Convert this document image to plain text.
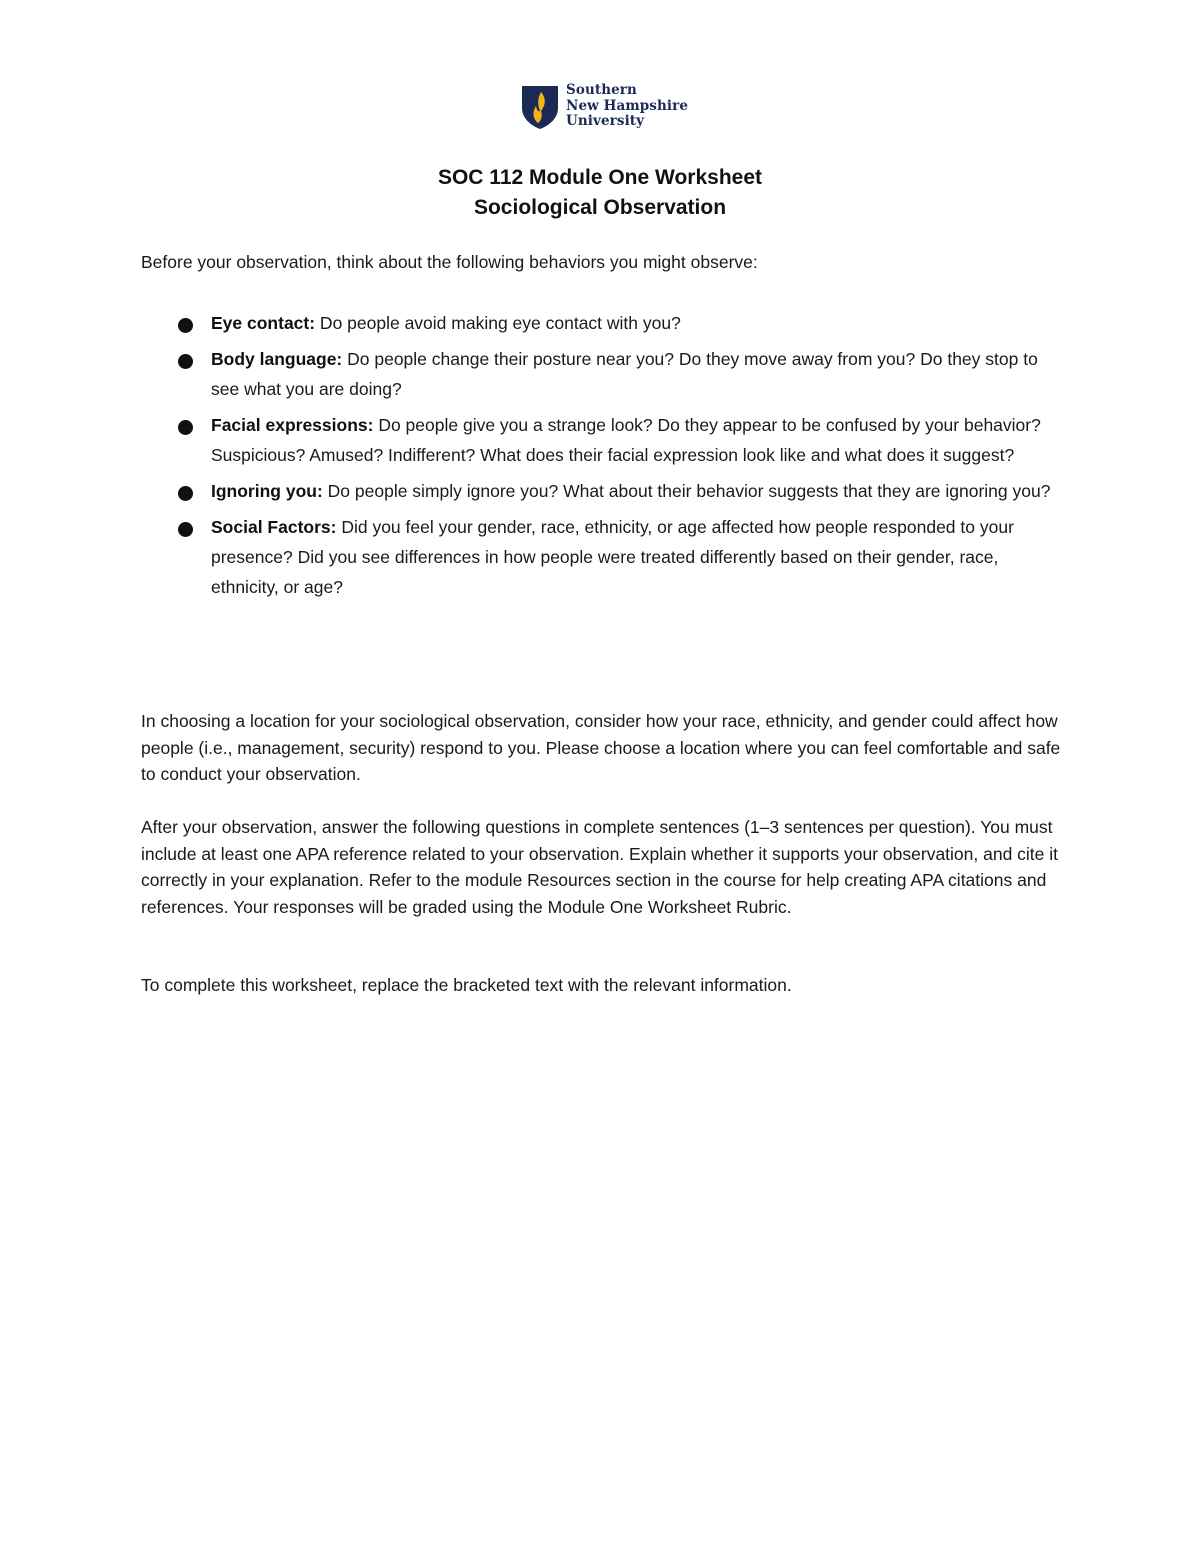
Southern
New Hampshire
University
SOC 112 Module One Worksheet
Sociological Observation

Before your observation, think about the following behaviors you might observe:

Eye contact: Do people avoid making eye contact with you?
Body language: Do people change their posture near you? Do they move away from you? Do they stop to see what you are doing?
Facial expressions: Do people give you a strange look? Do they appear to be confused by your behavior? Suspicious? Amused? Indifferent? What does their facial expression look like and what does it suggest?
Ignoring you: Do people simply ignore you? What about their behavior suggests that they are ignoring you?
Social Factors: Did you feel your gender, race, ethnicity, or age affected how people responded to your presence? Did you see differences in how people were treated differently based on their gender, race, ethnicity, or age?

In choosing a location for your sociological observation, consider how your race, ethnicity, and gender could affect how people (i.e., management, security) respond to you. Please choose a location where you can feel comfortable and safe to conduct your observation.

After your observation, answer the following questions in complete sentences (1–3 sentences per question). You must include at least one APA reference related to your observation. Explain whether it supports your observation, and cite it correctly in your explanation. Refer to the module Resources section in the course for help creating APA citations and references. Your responses will be graded using the Module One Worksheet Rubric.

To complete this worksheet, replace the bracketed text with the relevant information.
